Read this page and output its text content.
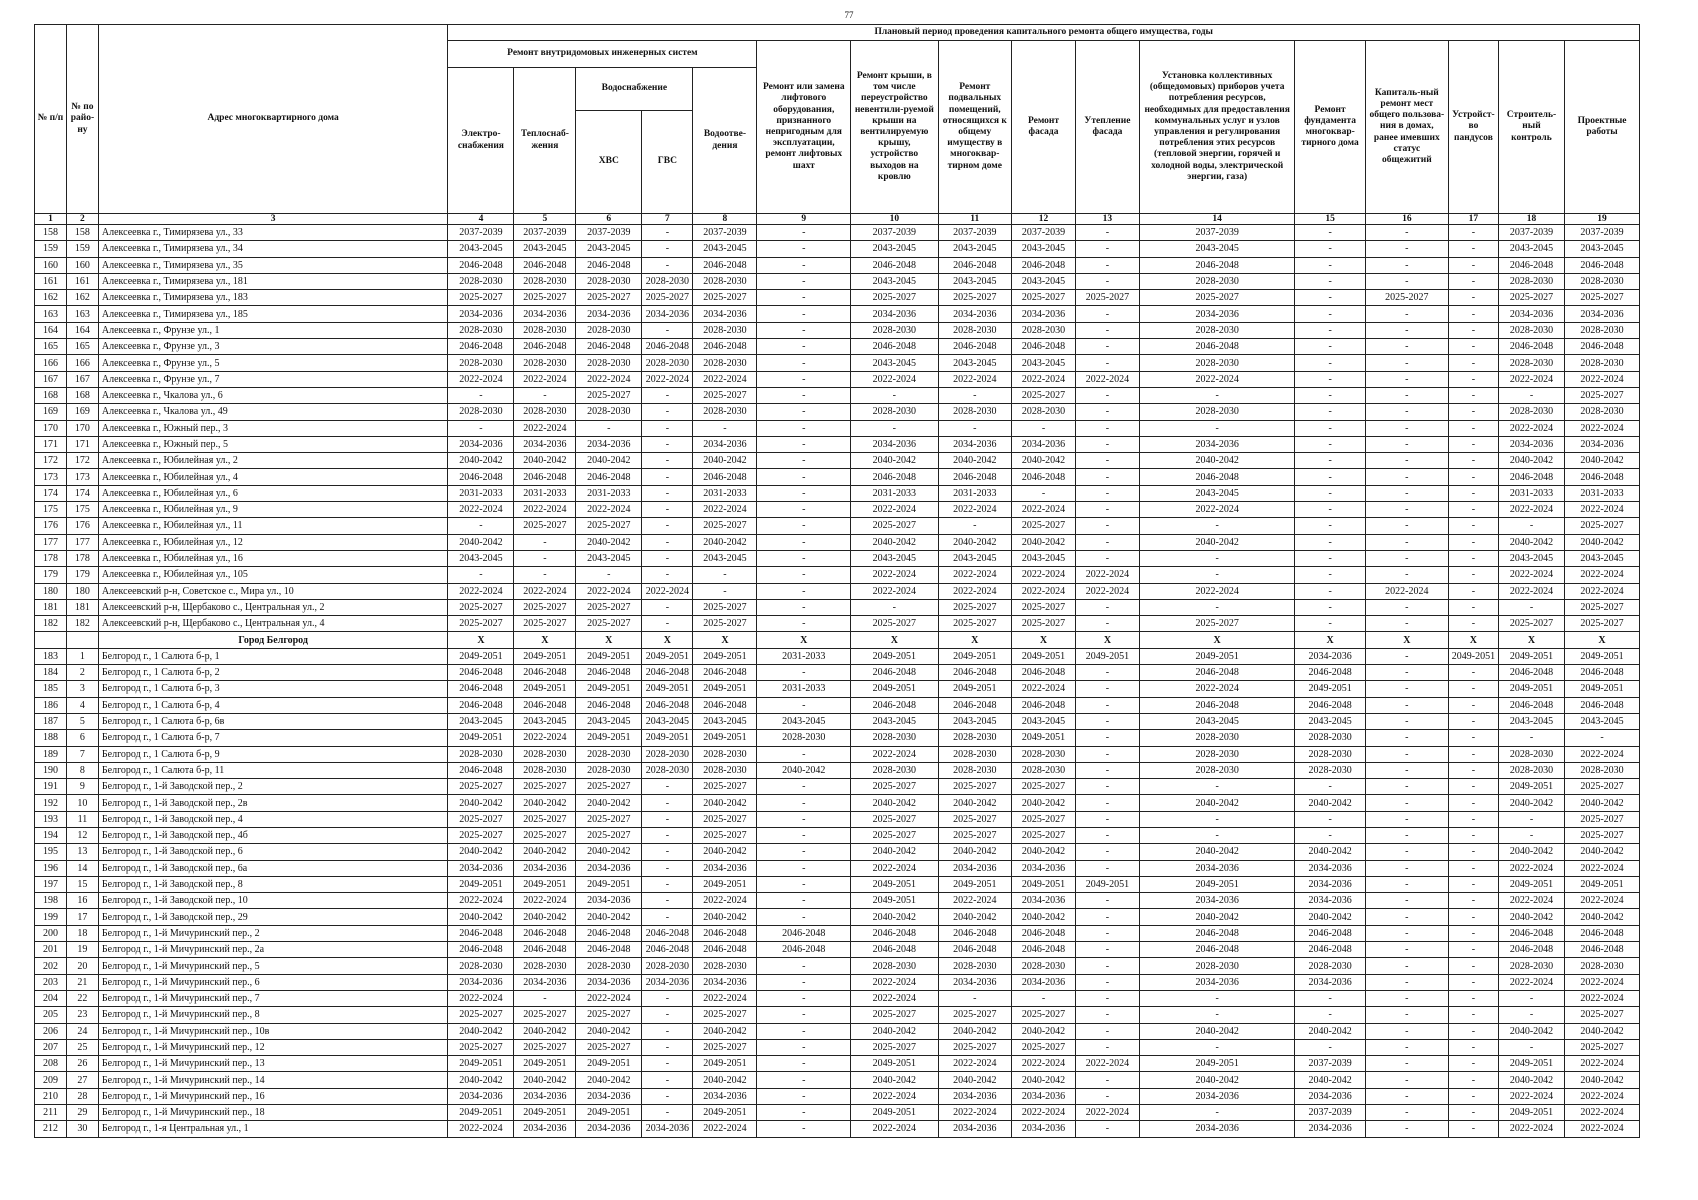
77
№ п/п	№ по райо-ну	Адрес многоквартирного дома	Плановый период проведения капитального ремонта общего имущества, годы															
			Ремонт внутридомовых инженерных систем					Ремонт или замена лифтового оборудования, признанного непригодным для эксплуатации, ремонт лифтовых шахт	Ремонт крыши, в том числе переустройство невентили-руемой крыши на вентилируемую крышу, устройство выходов на кровлю	Ремонт подвальных помещений, относящихся к общему имуществу в многоквар-тирном доме	Ремонт фасада	Утепление фасада	Установка коллективных (общедомовых) приборов учета потребления ресурсов, необходимых для предоставления коммунальных услуг и узлов управления и регулирования потребления этих ресурсов (тепловой энергии, горячей и холодной воды, электрической энергии, газа)	Ремонт фундамента многоквар-тирного дома	Капиталь-ный ремонт мест общего пользова-ния в домах, ранее имевших статус общежитий	Устройст-во пандусов	Строитель-ный контроль	Проектные работы
			Электро-снабжения	Теплоснаб-жения	Водоснабжение		Водоотве-дения											
					ХВС	ГВС												
1	2	3	4	5	6	7	8	9	10	11	12	13	14	15	16	17	18	19
158	158	Алексеевка г., Тимирязева ул., 33	2037-2039	2037-2039	2037-2039	-	2037-2039	-	2037-2039	2037-2039	2037-2039	-	2037-2039	-	-	-	2037-2039	2037-2039
159	159	Алексеевка г., Тимирязева ул., 34	2043-2045	2043-2045	2043-2045	-	2043-2045	-	2043-2045	2043-2045	2043-2045	-	2043-2045	-	-	-	2043-2045	2043-2045
160	160	Алексеевка г., Тимирязева ул., 35	2046-2048	2046-2048	2046-2048	-	2046-2048	-	2046-2048	2046-2048	2046-2048	-	2046-2048	-	-	-	2046-2048	2046-2048
161	161	Алексеевка г., Тимирязева ул., 181	2028-2030	2028-2030	2028-2030	2028-2030	2028-2030	-	2043-2045	2043-2045	2043-2045	-	2028-2030	-	-	-	2028-2030	2028-2030
162	162	Алексеевка г., Тимирязева ул., 183	2025-2027	2025-2027	2025-2027	2025-2027	2025-2027	-	2025-2027	2025-2027	2025-2027	2025-2027	2025-2027	-	2025-2027	-	2025-2027	2025-2027
163	163	Алексеевка г., Тимирязева ул., 185	2034-2036	2034-2036	2034-2036	2034-2036	2034-2036	-	2034-2036	2034-2036	2034-2036	-	2034-2036	-	-	-	2034-2036	2034-2036
164	164	Алексеевка г., Фрунзе ул., 1	2028-2030	2028-2030	2028-2030	-	2028-2030	-	2028-2030	2028-2030	2028-2030	-	2028-2030	-	-	-	2028-2030	2028-2030
165	165	Алексеевка г., Фрунзе ул., 3	2046-2048	2046-2048	2046-2048	2046-2048	2046-2048	-	2046-2048	2046-2048	2046-2048	-	2046-2048	-	-	-	2046-2048	2046-2048
166	166	Алексеевка г., Фрунзе ул., 5	2028-2030	2028-2030	2028-2030	2028-2030	2028-2030	-	2043-2045	2043-2045	2043-2045	-	2028-2030	-	-	-	2028-2030	2028-2030
167	167	Алексеевка г., Фрунзе ул., 7	2022-2024	2022-2024	2022-2024	2022-2024	2022-2024	-	2022-2024	2022-2024	2022-2024	2022-2024	2022-2024	-	-	-	2022-2024	2022-2024
168	168	Алексеевка г., Чкалова ул., 6	-	-	2025-2027	-	2025-2027	-	-	-	2025-2027	-	-	-	-	-	-	2025-2027
169	169	Алексеевка г., Чкалова ул., 49	2028-2030	2028-2030	2028-2030	-	2028-2030	-	2028-2030	2028-2030	2028-2030	-	2028-2030	-	-	-	2028-2030	2028-2030
170	170	Алексеевка г., Южный пер., 3	-	2022-2024	-	-	-	-	-	-	-	-	-	-	-	-	2022-2024	2022-2024
171	171	Алексеевка г., Южный пер., 5	2034-2036	2034-2036	2034-2036	-	2034-2036	-	2034-2036	2034-2036	2034-2036	-	2034-2036	-	-	-	2034-2036	2034-2036
172	172	Алексеевка г., Юбилейная ул., 2	2040-2042	2040-2042	2040-2042	-	2040-2042	-	2040-2042	2040-2042	2040-2042	-	2040-2042	-	-	-	2040-2042	2040-2042
173	173	Алексеевка г., Юбилейная ул., 4	2046-2048	2046-2048	2046-2048	-	2046-2048	-	2046-2048	2046-2048	2046-2048	-	2046-2048	-	-	-	2046-2048	2046-2048
174	174	Алексеевка г., Юбилейная ул., 6	2031-2033	2031-2033	2031-2033	-	2031-2033	-	2031-2033	2031-2033	-	-	2043-2045	-	-	-	2031-2033	2031-2033
175	175	Алексеевка г., Юбилейная ул., 9	2022-2024	2022-2024	2022-2024	-	2022-2024	-	2022-2024	2022-2024	2022-2024	-	2022-2024	-	-	-	2022-2024	2022-2024
176	176	Алексеевка г., Юбилейная ул., 11	-	2025-2027	2025-2027	-	2025-2027	-	2025-2027	-	2025-2027	-	-	-	-	-	-	2025-2027
177	177	Алексеевка г., Юбилейная ул., 12	2040-2042	-	2040-2042	-	2040-2042	-	2040-2042	2040-2042	2040-2042	-	2040-2042	-	-	-	2040-2042	2040-2042
178	178	Алексеевка г., Юбилейная ул., 16	2043-2045	-	2043-2045	-	2043-2045	-	2043-2045	2043-2045	2043-2045	-	-	-	-	-	2043-2045	2043-2045
179	179	Алексеевка г., Юбилейная ул., 105	-	-	-	-	-	-	2022-2024	2022-2024	2022-2024	2022-2024	-	-	-	-	2022-2024	2022-2024
180	180	Алексеевский р-н, Советское с., Мира ул., 10	2022-2024	2022-2024	2022-2024	2022-2024	-	-	2022-2024	2022-2024	2022-2024	2022-2024	2022-2024	-	2022-2024	-	2022-2024	2022-2024
181	181	Алексеевский р-н, Щербаково с., Центральная ул., 2	2025-2027	2025-2027	2025-2027	-	2025-2027	-	-	2025-2027	2025-2027	-	-	-	-	-	-	2025-2027
182	182	Алексеевский р-н, Щербаково с., Центральная ул., 4	2025-2027	2025-2027	2025-2027	-	2025-2027	-	2025-2027	2025-2027	2025-2027	-	2025-2027	-	-	-	2025-2027	2025-2027
		Город Белгород	X	X	X	X	X	X	X	X	X	X	X	X	X	X	X	X
183	1	Белгород г., 1 Салюта б-р, 1	2049-2051	2049-2051	2049-2051	2049-2051	2049-2051	2031-2033	2049-2051	2049-2051	2049-2051	2049-2051	2049-2051	2034-2036	-	2049-2051	2049-2051	2049-2051
184	2	Белгород г., 1 Салюта б-р, 2	2046-2048	2046-2048	2046-2048	2046-2048	2046-2048	-	2046-2048	2046-2048	2046-2048	-	2046-2048	2046-2048	-	-	2046-2048	2046-2048
185	3	Белгород г., 1 Салюта б-р, 3	2046-2048	2049-2051	2049-2051	2049-2051	2049-2051	2031-2033	2049-2051	2049-2051	2022-2024	-	2022-2024	2049-2051	-	-	2049-2051	2049-2051
186	4	Белгород г., 1 Салюта б-р, 4	2046-2048	2046-2048	2046-2048	2046-2048	2046-2048	-	2046-2048	2046-2048	2046-2048	-	2046-2048	2046-2048	-	-	2046-2048	2046-2048
187	5	Белгород г., 1 Салюта б-р, 6в	2043-2045	2043-2045	2043-2045	2043-2045	2043-2045	2043-2045	2043-2045	2043-2045	2043-2045	-	2043-2045	2043-2045	-	-	2043-2045	2043-2045
188	6	Белгород г., 1 Салюта б-р, 7	2049-2051	2022-2024	2049-2051	2049-2051	2049-2051	2028-2030	2028-2030	2028-2030	2049-2051	-	2028-2030	2028-2030	-	-	-	-
189	7	Белгород г., 1 Салюта б-р, 9	2028-2030	2028-2030	2028-2030	2028-2030	2028-2030	-	2022-2024	2028-2030	2028-2030	-	2028-2030	2028-2030	-	-	2028-2030	2022-2024
190	8	Белгород г., 1 Салюта б-р, 11	2046-2048	2028-2030	2028-2030	2028-2030	2028-2030	2040-2042	2028-2030	2028-2030	2028-2030	-	2028-2030	2028-2030	-	-	2028-2030	2028-2030
191	9	Белгород г., 1-й Заводской пер., 2	2025-2027	2025-2027	2025-2027	-	2025-2027	-	2025-2027	2025-2027	2025-2027	-	-	-	-	-	2049-2051	2025-2027
192	10	Белгород г., 1-й Заводской пер., 2в	2040-2042	2040-2042	2040-2042	-	2040-2042	-	2040-2042	2040-2042	2040-2042	-	2040-2042	2040-2042	-	-	2040-2042	2040-2042
193	11	Белгород г., 1-й Заводской пер., 4	2025-2027	2025-2027	2025-2027	-	2025-2027	-	2025-2027	2025-2027	2025-2027	-	-	-	-	-	-	2025-2027
194	12	Белгород г., 1-й Заводской пер., 4б	2025-2027	2025-2027	2025-2027	-	2025-2027	-	2025-2027	2025-2027	2025-2027	-	-	-	-	-	-	2025-2027
195	13	Белгород г., 1-й Заводской пер., 6	2040-2042	2040-2042	2040-2042	-	2040-2042	-	2040-2042	2040-2042	2040-2042	-	2040-2042	2040-2042	-	-	2040-2042	2040-2042
196	14	Белгород г., 1-й Заводской пер., 6а	2034-2036	2034-2036	2034-2036	-	2034-2036	-	2022-2024	2034-2036	2034-2036	-	2034-2036	2034-2036	-	-	2022-2024	2022-2024
197	15	Белгород г., 1-й Заводской пер., 8	2049-2051	2049-2051	2049-2051	-	2049-2051	-	2049-2051	2049-2051	2049-2051	2049-2051	2049-2051	2034-2036	-	-	2049-2051	2049-2051
198	16	Белгород г., 1-й Заводской пер., 10	2022-2024	2022-2024	2034-2036	-	2022-2024	-	2049-2051	2022-2024	2034-2036	-	2034-2036	2034-2036	-	-	2022-2024	2022-2024
199	17	Белгород г., 1-й Заводской пер., 29	2040-2042	2040-2042	2040-2042	-	2040-2042	-	2040-2042	2040-2042	2040-2042	-	2040-2042	2040-2042	-	-	2040-2042	2040-2042
200	18	Белгород г., 1-й Мичуринский пер., 2	2046-2048	2046-2048	2046-2048	2046-2048	2046-2048	2046-2048	2046-2048	2046-2048	2046-2048	-	2046-2048	2046-2048	-	-	2046-2048	2046-2048
201	19	Белгород г., 1-й Мичуринский пер., 2а	2046-2048	2046-2048	2046-2048	2046-2048	2046-2048	2046-2048	2046-2048	2046-2048	2046-2048	-	2046-2048	2046-2048	-	-	2046-2048	2046-2048
202	20	Белгород г., 1-й Мичуринский пер., 5	2028-2030	2028-2030	2028-2030	2028-2030	2028-2030	-	2028-2030	2028-2030	2028-2030	-	2028-2030	2028-2030	-	-	2028-2030	2028-2030
203	21	Белгород г., 1-й Мичуринский пер., 6	2034-2036	2034-2036	2034-2036	2034-2036	2034-2036	-	2022-2024	2034-2036	2034-2036	-	2034-2036	2034-2036	-	-	2022-2024	2022-2024
204	22	Белгород г., 1-й Мичуринский пер., 7	2022-2024	-	2022-2024	-	2022-2024	-	2022-2024	-	-	-	-	-	-	-	-	2022-2024
205	23	Белгород г., 1-й Мичуринский пер., 8	2025-2027	2025-2027	2025-2027	-	2025-2027	-	2025-2027	2025-2027	2025-2027	-	-	-	-	-	-	2025-2027
206	24	Белгород г., 1-й Мичуринский пер., 10в	2040-2042	2040-2042	2040-2042	-	2040-2042	-	2040-2042	2040-2042	2040-2042	-	2040-2042	2040-2042	-	-	2040-2042	2040-2042
207	25	Белгород г., 1-й Мичуринский пер., 12	2025-2027	2025-2027	2025-2027	-	2025-2027	-	2025-2027	2025-2027	2025-2027	-	-	-	-	-	-	2025-2027
208	26	Белгород г., 1-й Мичуринский пер., 13	2049-2051	2049-2051	2049-2051	-	2049-2051	-	2049-2051	2022-2024	2022-2024	2022-2024	2049-2051	2037-2039	-	-	2049-2051	2022-2024
209	27	Белгород г., 1-й Мичуринский пер., 14	2040-2042	2040-2042	2040-2042	-	2040-2042	-	2040-2042	2040-2042	2040-2042	-	2040-2042	2040-2042	-	-	2040-2042	2040-2042
210	28	Белгород г., 1-й Мичуринский пер., 16	2034-2036	2034-2036	2034-2036	-	2034-2036	-	2022-2024	2034-2036	2034-2036	-	2034-2036	2034-2036	-	-	2022-2024	2022-2024
211	29	Белгород г., 1-й Мичуринский пер., 18	2049-2051	2049-2051	2049-2051	-	2049-2051	-	2049-2051	2022-2024	2022-2024	2022-2024	-	2037-2039	-	-	2049-2051	2022-2024
212	30	Белгород г., 1-я Центральная ул., 1	2022-2024	2034-2036	2034-2036	2034-2036	2022-2024	-	2022-2024	2034-2036	2034-2036	-	2034-2036	2034-2036	-	-	2022-2024	2022-2024
